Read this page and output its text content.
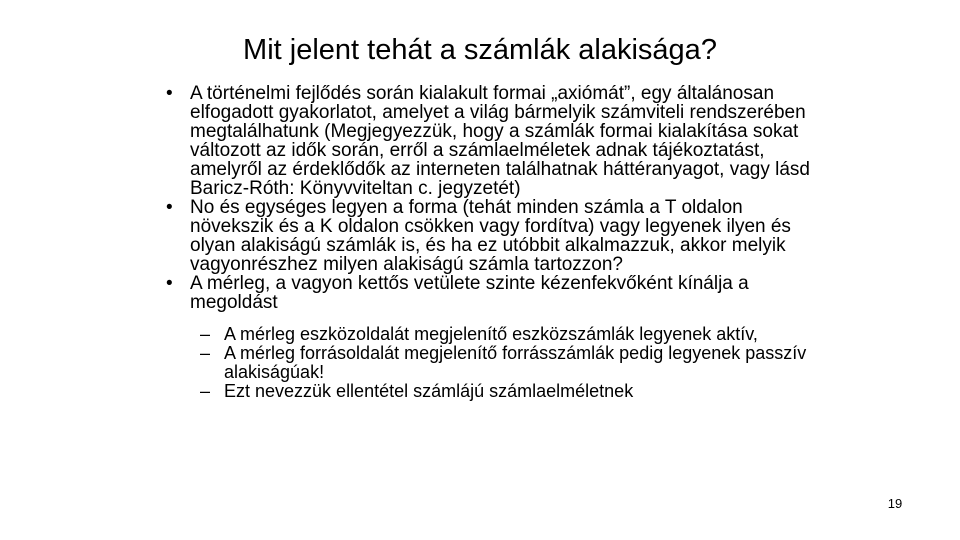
Mit jelent tehát a számlák alakisága?
• A történelmi fejlődés során kialakult formai „axiómát”, egy általánosan elfogadott gyakorlatot, amelyet a világ bármelyik számviteli rendszerében megtalálhatunk (Megjegyezzük, hogy a számlák formai kialakítása sokat változott az idők során, erről a számlaelméletek adnak tájékoztatást, amelyről az érdeklődők az interneten találhatnak háttéranyagot, vagy lásd Baricz-Róth: Könyvviteltan c. jegyzetét)
• No és egységes legyen a forma (tehát minden számla a T oldalon növekszik és a K oldalon csökken vagy fordítva) vagy legyenek ilyen és olyan alakiságú számlák is, és ha ez utóbbit alkalmazzuk, akkor melyik vagyonrészhez milyen alakiságú számla tartozzon?
• A mérleg, a vagyon kettős vetülete szinte kézenfekvőként kínálja a megoldást
– A mérleg eszközoldalát megjelenítő eszközszámlák legyenek aktív,
– A mérleg forrásoldalát megjelenítő forrásszámlák pedig legyenek passzív alakiságúak!
– Ezt nevezzük ellentétel számlájú számlaelméletnek
19
